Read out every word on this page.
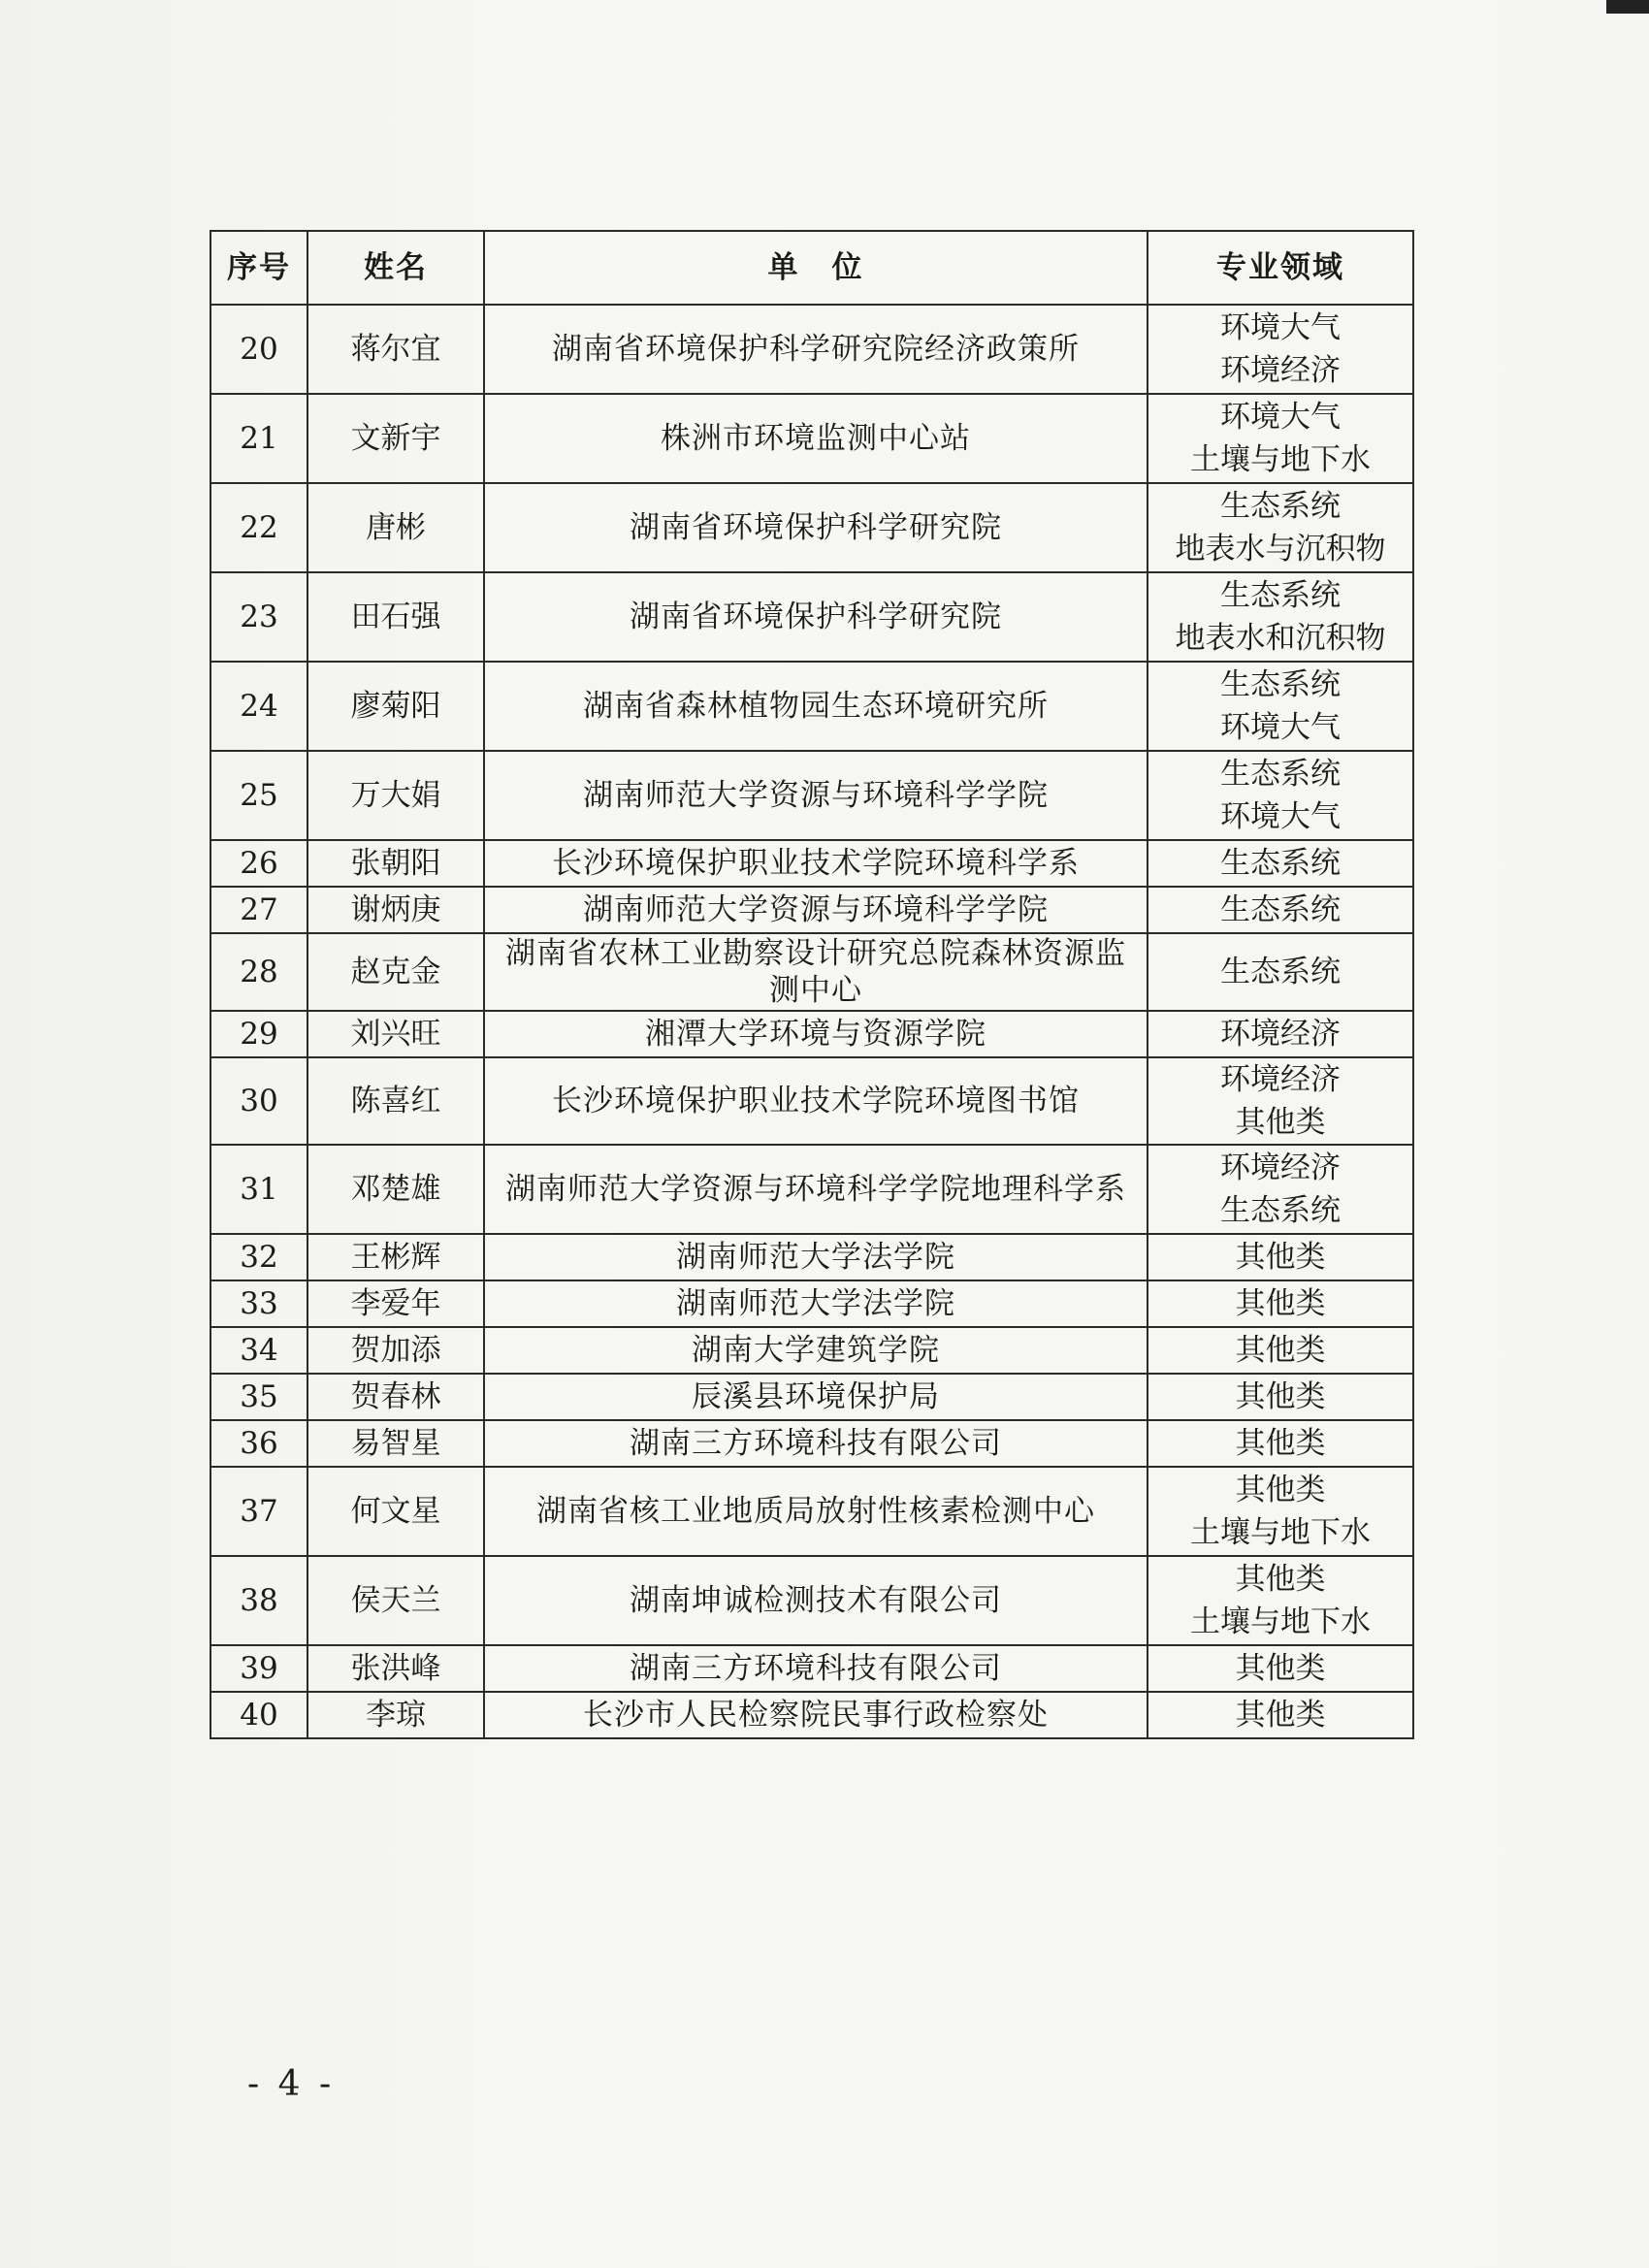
序号	姓名	单　位	专业领域
20	蒋尔宜	湖南省环境保护科学研究院经济政策所	环境大气
环境经济

21	文新宇	株洲市环境监测中心站	环境大气
土壤与地下水

22	唐彬	湖南省环境保护科学研究院	生态系统
地表水与沉积物

23	田石强	湖南省环境保护科学研究院	生态系统
地表水和沉积物

24	廖菊阳	湖南省森林植物园生态环境研究所	生态系统
环境大气

25	万大娟	湖南师范大学资源与环境科学学院	生态系统
环境大气

26	张朝阳	长沙环境保护职业技术学院环境科学系	生态系统

27	谢炳庚	湖南师范大学资源与环境科学学院	生态系统

28	赵克金	湖南省农林工业勘察设计研究总院森林资源监测中心	生态系统

29	刘兴旺	湘潭大学环境与资源学院	环境经济

30	陈喜红	长沙环境保护职业技术学院环境图书馆	环境经济
其他类

31	邓楚雄	湖南师范大学资源与环境科学学院地理科学系	环境经济
生态系统

32	王彬辉	湖南师范大学法学院	其他类

33	李爱年	湖南师范大学法学院	其他类

34	贺加添	湖南大学建筑学院	其他类

35	贺春林	辰溪县环境保护局	其他类

36	易智星	湖南三方环境科技有限公司	其他类

37	何文星	湖南省核工业地质局放射性核素检测中心	其他类
土壤与地下水

38	侯天兰	湖南坤诚检测技术有限公司	其他类
土壤与地下水

39	张洪峰	湖南三方环境科技有限公司	其他类

40	李琼	长沙市人民检察院民事行政检察处	其他类
- 4 -
